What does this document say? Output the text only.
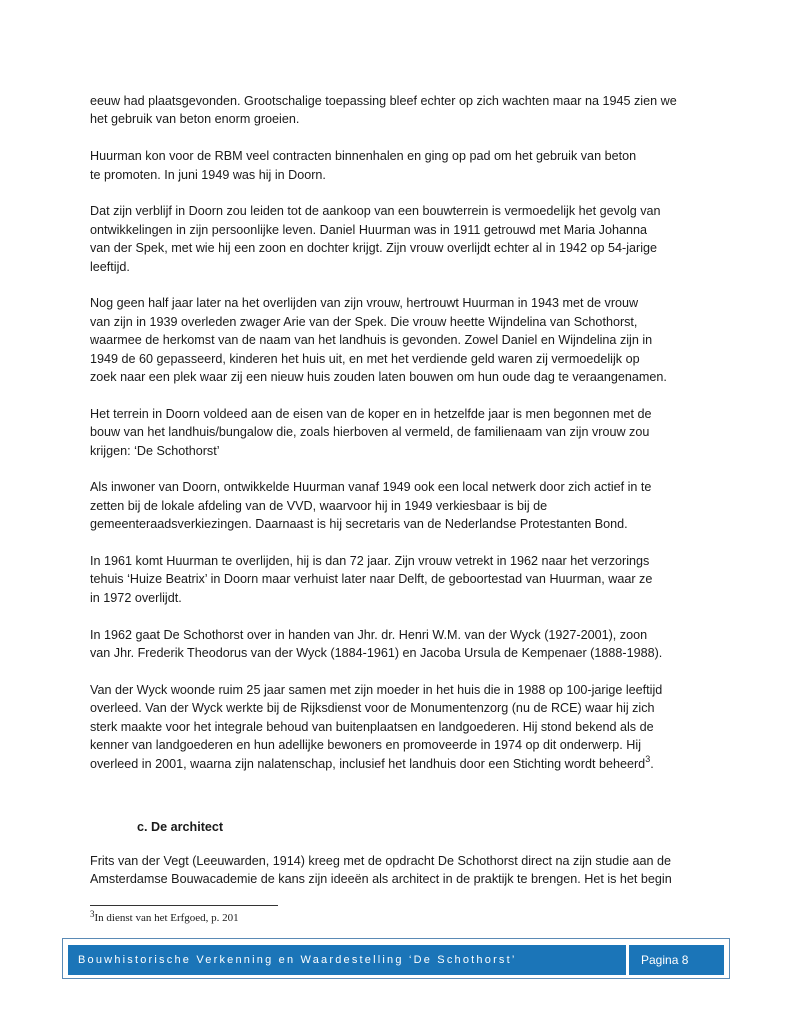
eeuw had plaatsgevonden. Grootschalige toepassing bleef echter op zich wachten maar na 1945 zien we
het gebruik van beton enorm groeien.

Huurman kon voor de RBM veel contracten binnenhalen en ging op pad om het gebruik van beton
te promoten. In juni 1949 was hij in Doorn.

Dat zijn verblijf in Doorn zou leiden tot de aankoop van een bouwterrein is vermoedelijk het gevolg van
ontwikkelingen in zijn persoonlijke leven. Daniel Huurman was in 1911 getrouwd met Maria Johanna
van der Spek, met wie hij een zoon en dochter krijgt. Zijn vrouw overlijdt echter al in 1942 op 54-jarige
leeftijd.

Nog geen half jaar later na het overlijden van zijn vrouw, hertrouwt Huurman in 1943 met de vrouw
van zijn in 1939 overleden zwager Arie van der Spek. Die vrouw heette Wijndelina van Schothorst,
waarmee de herkomst van de naam van het landhuis is gevonden. Zowel Daniel en Wijndelina zijn in
1949 de 60 gepasseerd, kinderen het huis uit, en met het verdiende geld waren zij vermoedelijk op
zoek naar een plek waar zij een nieuw huis zouden laten bouwen om hun oude dag te veraangenamen.

Het terrein in Doorn voldeed aan de eisen van de koper en in hetzelfde jaar is men begonnen met de
bouw van het landhuis/bungalow die, zoals hierboven al vermeld, de familienaam van zijn vrouw zou
krijgen: ‘De Schothorst’

Als inwoner van Doorn, ontwikkelde Huurman vanaf 1949 ook een local netwerk door zich actief in te
zetten bij de lokale afdeling van de VVD, waarvoor hij in 1949 verkiesbaar is bij de
gemeenteraadsverkiezingen. Daarnaast is hij secretaris van de Nederlandse Protestanten Bond.

In 1961 komt Huurman te overlijden, hij is dan 72 jaar. Zijn vrouw vetrekt in 1962 naar het verzorings
tehuis ‘Huize Beatrix’ in Doorn maar verhuist later naar Delft, de geboortestad van Huurman, waar ze
in 1972 overlijdt.

In 1962 gaat De Schothorst over in handen van Jhr. dr. Henri W.M. van der Wyck (1927-2001), zoon
van Jhr. Frederik Theodorus van der Wyck (1884-1961) en Jacoba Ursula de Kempenaer (1888-1988).

Van der Wyck woonde ruim 25 jaar samen met zijn moeder in het huis die in 1988 op 100-jarige leeftijd
overleed. Van der Wyck werkte bij de Rijksdienst voor de Monumentenzorg (nu de RCE) waar hij zich
sterk maakte voor het integrale behoud van buitenplaatsen en landgoederen. Hij stond bekend als de
kenner van landgoederen en hun adellijke bewoners en promoveerde in 1974 op dit onderwerp. Hij
overleed in 2001, waarna zijn nalatenschap, inclusief het landhuis door een Stichting wordt beheerd$^3$.

c. De architect
Frits van der Vegt (Leeuwarden, 1914) kreeg met de opdracht De Schothorst direct na zijn studie aan de
Amsterdamse Bouwacademie de kans zijn ideeën als architect in de praktijk te brengen. Het is het begin
$^3$In dienst van het Erfgoed, p. 201
Bouwhistorische Verkenning en Waardestelling ‘De Schothorst’	Pagina 8
